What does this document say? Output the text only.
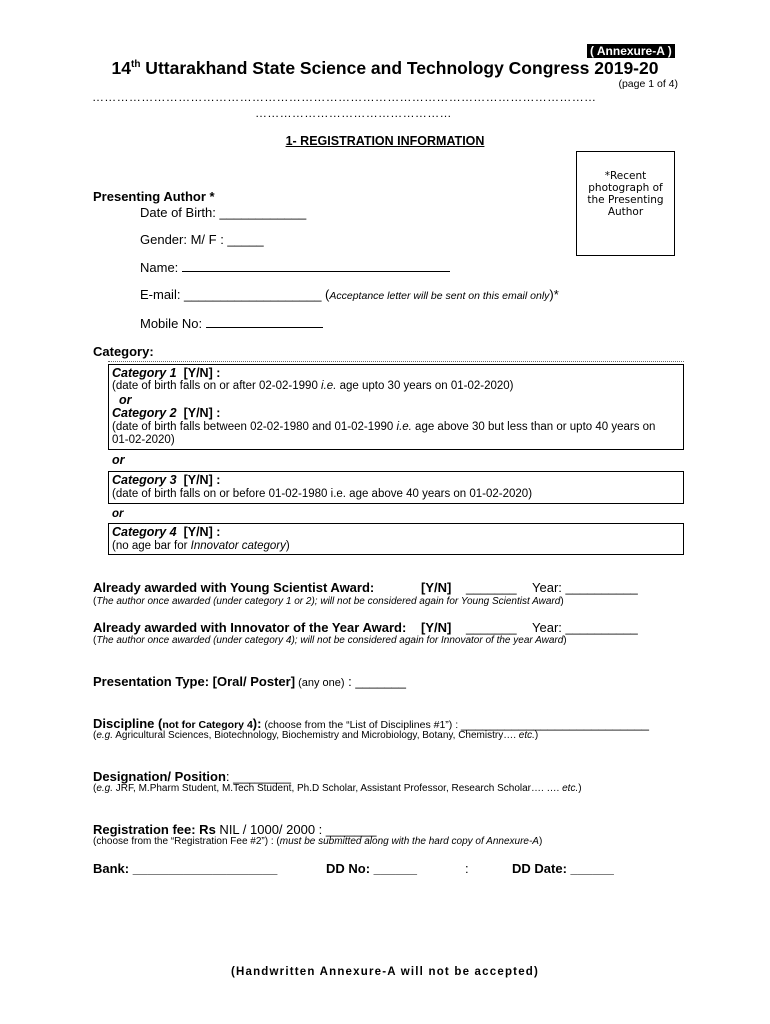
( Annexure-A )
14th Uttarakhand State Science and Technology Congress 2019-20
(page 1 of 4)
……………………………………………………………………………………………………………
…………………………………………
1- REGISTRATION INFORMATION
*Recent photograph of the Presenting Author
Presenting Author *
Date of Birth: ____________
Gender: M/ F : _____
Name:
E-mail: ___________________ (Acceptance letter will be sent on this email only)*
Mobile No:
Category:
Category 1 [Y/N] :
(date of birth falls on or after 02-02-1990 i.e. age upto 30 years on 01-02-2020)
or
Category 2 [Y/N] :
(date of birth falls between 02-02-1980 and 01-02-1990 i.e. age above 30 but less than or upto 40 years on
01-02-2020)
or
Category 3 [Y/N] :
(date of birth falls on or before 01-02-1980 i.e. age above 40 years on 01-02-2020)
or
Category 4 [Y/N] :
(no age bar for Innovator category)
Already awarded with Young Scientist Award:	[Y/N] _______ Year: __________
(The author once awarded (under category 1 or 2); will not be considered again for Young Scientist Award)
Already awarded with Innovator of the Year Award: [Y/N] _______ Year: __________
(The author once awarded (under category 4); will not be considered again for Innovator of the year Award)
Presentation Type: [Oral/ Poster] (any one) : _______
Discipline (not for Category 4): (choose from the “List of Disciplines #1”) : __________________________
(e.g. Agricultural Sciences, Biotechnology, Biochemistry and Microbiology, Botany, Chemistry…. etc.)
Designation/ Position: ________
(e.g. JRF, M.Pharm Student, M.Tech Student, Ph.D Scholar, Assistant Professor, Research Scholar…. …. etc.)
Registration fee: Rs NIL / 1000/ 2000 : _______
(choose from the “Registration Fee #2”) : (must be submitted along with the hard copy of Annexure-A)
Bank: ____________________	DD No: ______	:	DD Date: ______
(Handwritten Annexure-A will not be accepted)
